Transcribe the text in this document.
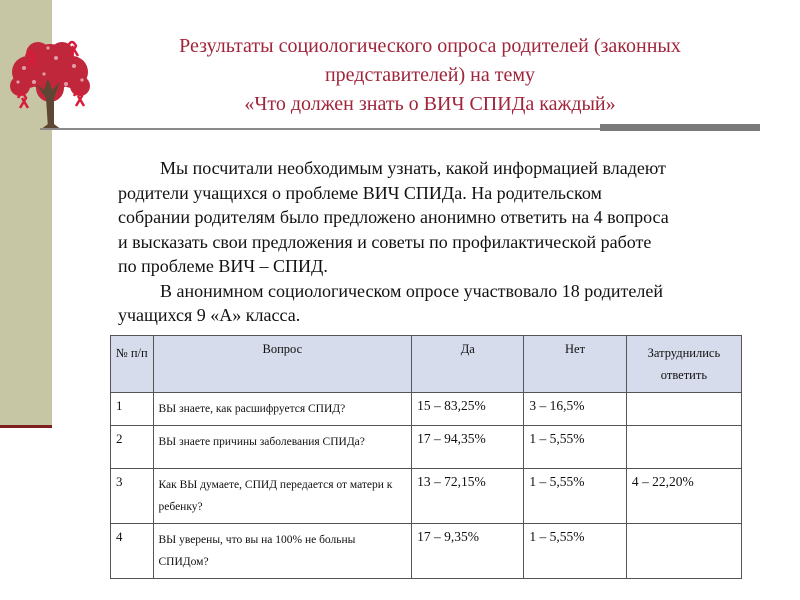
Результаты социологического опроса родителей (законных
представителей) на тему
«Что должен знать о ВИЧ СПИДа каждый»
Мы посчитали необходимым узнать, какой информацией владеют
родители учащихся о проблеме ВИЧ СПИДа. На родительском
собрании родителям было предложено анонимно ответить на 4 вопроса
и высказать свои предложения и советы по профилактической работе
по проблеме ВИЧ – СПИД.
В анонимном социологическом опросе участвовало 18 родителей
учащихся 9 «А» класса.
№ п/п	Вопрос	Да	Нет	Затруднились ответить
1	ВЫ знаете, как расшифруется СПИД?	15 – 83,25%	3 – 16,5%	
2	ВЫ знаете причины заболевания СПИДа?	17 – 94,35%	1 – 5,55%	
3	Как ВЫ думаете, СПИД передается от матери к ребенку?	13 – 72,15%	1 – 5,55%	4 – 22,20%
4	ВЫ уверены, что вы на 100% не больны СПИДом?	17 – 9,35%	1 – 5,55%	
